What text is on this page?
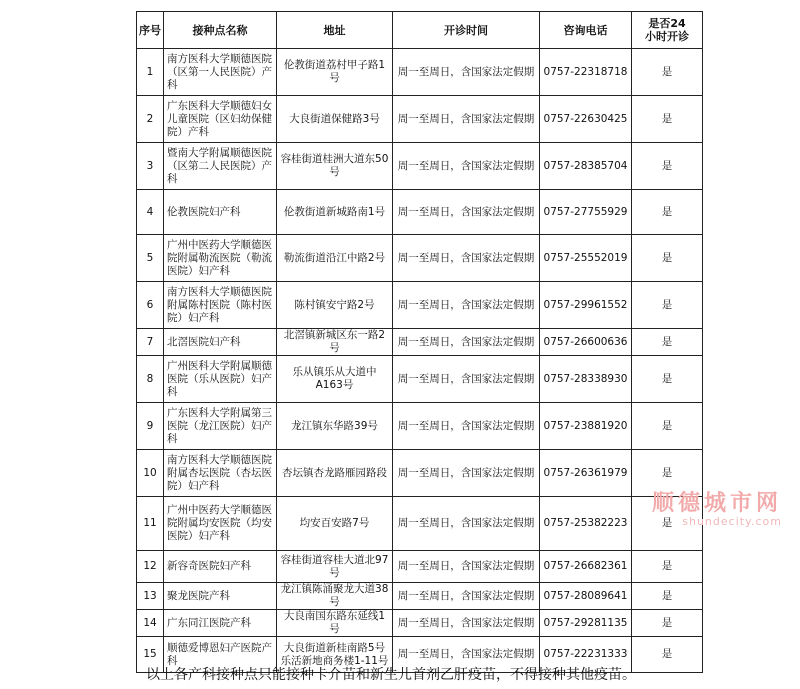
序号	接种点名称	地址	开诊时间	咨询电话	是否24
小时开诊
1	南方医科大学顺德医院（区第一人民医院）产科	伦教街道荔村甲子路1号	周一至周日，含国家法定假期	0757-22318718	是
2	广东医科大学顺德妇女儿童医院（区妇幼保健院）产科	大良街道保健路3号	周一至周日，含国家法定假期	0757-22630425	是
3	暨南大学附属顺德医院（区第二人民医院）产科	容桂街道桂洲大道东50号	周一至周日，含国家法定假期	0757-28385704	是
4	伦教医院妇产科	伦教街道新城路南1号	周一至周日，含国家法定假期	0757-27755929	是
5	广州中医药大学顺德医院附属勒流医院（勒流医院）妇产科	勒流街道沿江中路2号	周一至周日，含国家法定假期	0757-25552019	是
6	南方医科大学顺德医院附属陈村医院（陈村医院）妇产科	陈村镇安宁路2号	周一至周日，含国家法定假期	0757-29961552	是
7	北滘医院妇产科	北滘镇新城区东一路2号	周一至周日，含国家法定假期	0757-26600636	是
8	广州医科大学附属顺德医院（乐从医院）妇产科	乐从镇乐从大道中A163号	周一至周日，含国家法定假期	0757-28338930	是
9	广东医科大学附属第三医院（龙江医院）妇产科	龙江镇东华路39号	周一至周日，含国家法定假期	0757-23881920	是
10	南方医科大学顺德医院附属杏坛医院（杏坛医院）妇产科	杏坛镇杏龙路雁园路段	周一至周日，含国家法定假期	0757-26361979	是
11	广州中医药大学顺德医院附属均安医院（均安医院）妇产科	均安百安路7号	周一至周日，含国家法定假期	0757-25382223	是
12	新容奇医院妇产科	容桂街道容桂大道北97号	周一至周日，含国家法定假期	0757-26682361	是
13	聚龙医院产科	龙江镇陈涌聚龙大道38号	周一至周日，含国家法定假期	0757-28089641	是
14	广东同江医院产科	大良南国东路东延线1号	周一至周日，含国家法定假期	0757-29281135	是
15	顺德爱博恩妇产医院产科	大良街道新桂南路5号乐活新地商务楼1-11号	周一至周日，含国家法定假期	0757-22231333	是
以上各产科接种点只能接种卡介苗和新生儿首剂乙肝疫苗，不得接种其他疫苗。
顺德城市网
shundecity.com
